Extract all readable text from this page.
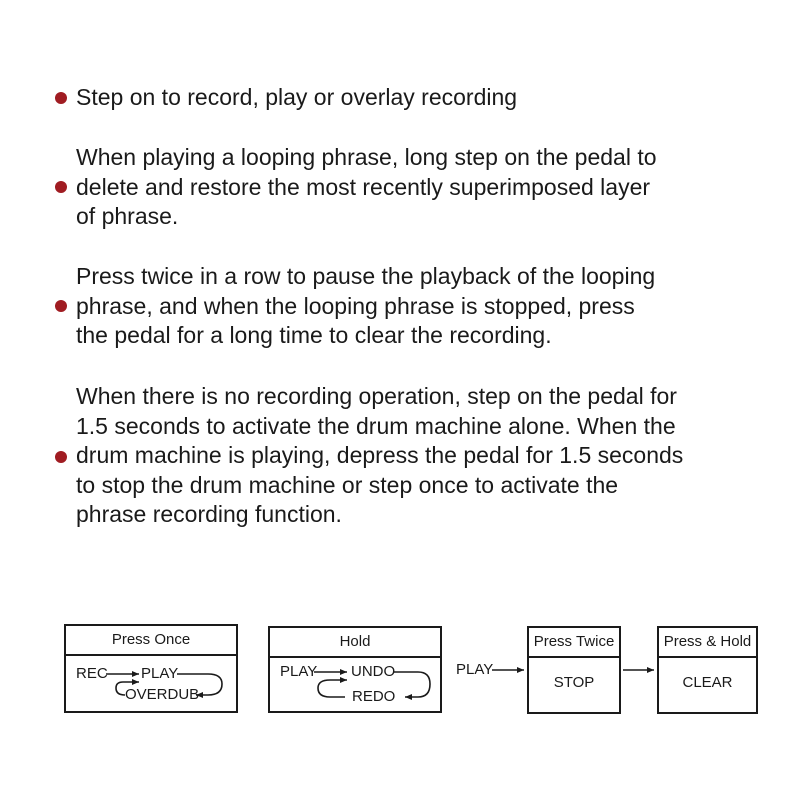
Step on to record, play or overlay recording
When playing a looping phrase, long step on the pedal to
delete and restore the most recently superimposed layer
of phrase.
Press twice in a row to pause the playback of the looping
phrase, and when the looping phrase is stopped, press
the pedal for a long time to clear the recording.
When there is no recording operation, step on the pedal for
1.5 seconds to activate the drum machine alone. When the
drum machine is playing, depress the pedal for 1.5 seconds
to stop the drum machine or step once to activate the
phrase recording function.
Press Once	Hold	Press Twice
STOP
Press & Hold
CLEAR
REC PLAY
OVERDUB
PLAY UNDO
REDO
PLAY
